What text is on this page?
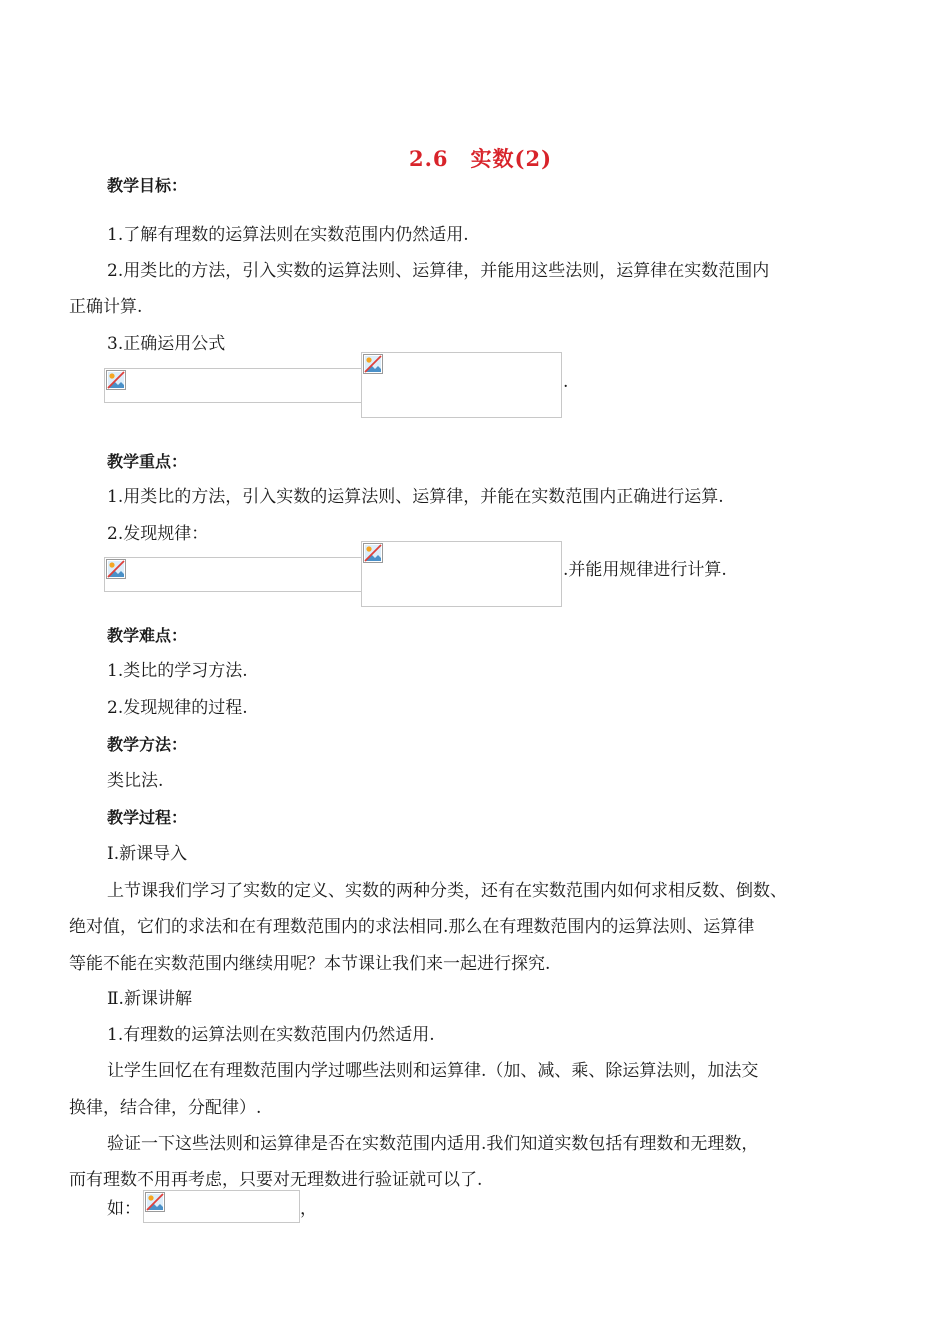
2.6　实数(2)
教学目标：
1.了解有理数的运算法则在实数范围内仍然适用.
2.用类比的方法，引入实数的运算法则、运算律，并能用这些法则，运算律在实数范围内
正确计算.
3.正确运用公式
.
教学重点：
1.用类比的方法，引入实数的运算法则、运算律，并能在实数范围内正确进行运算.
2.发现规律：
.并能用规律进行计算.
教学难点：
1.类比的学习方法.
2.发现规律的过程.
教学方法：
类比法.
教学过程：
Ⅰ.新课导入
上节课我们学习了实数的定义、实数的两种分类，还有在实数范围内如何求相反数、倒数、
绝对值，它们的求法和在有理数范围内的求法相同.那么在有理数范围内的运算法则、运算律
等能不能在实数范围内继续用呢？本节课让我们来一起进行探究.
Ⅱ.新课讲解
1.有理数的运算法则在实数范围内仍然适用.
让学生回忆在有理数范围内学过哪些法则和运算律.（加、减、乘、除运算法则，加法交
换律，结合律，分配律）.
验证一下这些法则和运算律是否在实数范围内适用.我们知道实数包括有理数和无理数，
而有理数不用再考虑，只要对无理数进行验证就可以了.
如：	，
